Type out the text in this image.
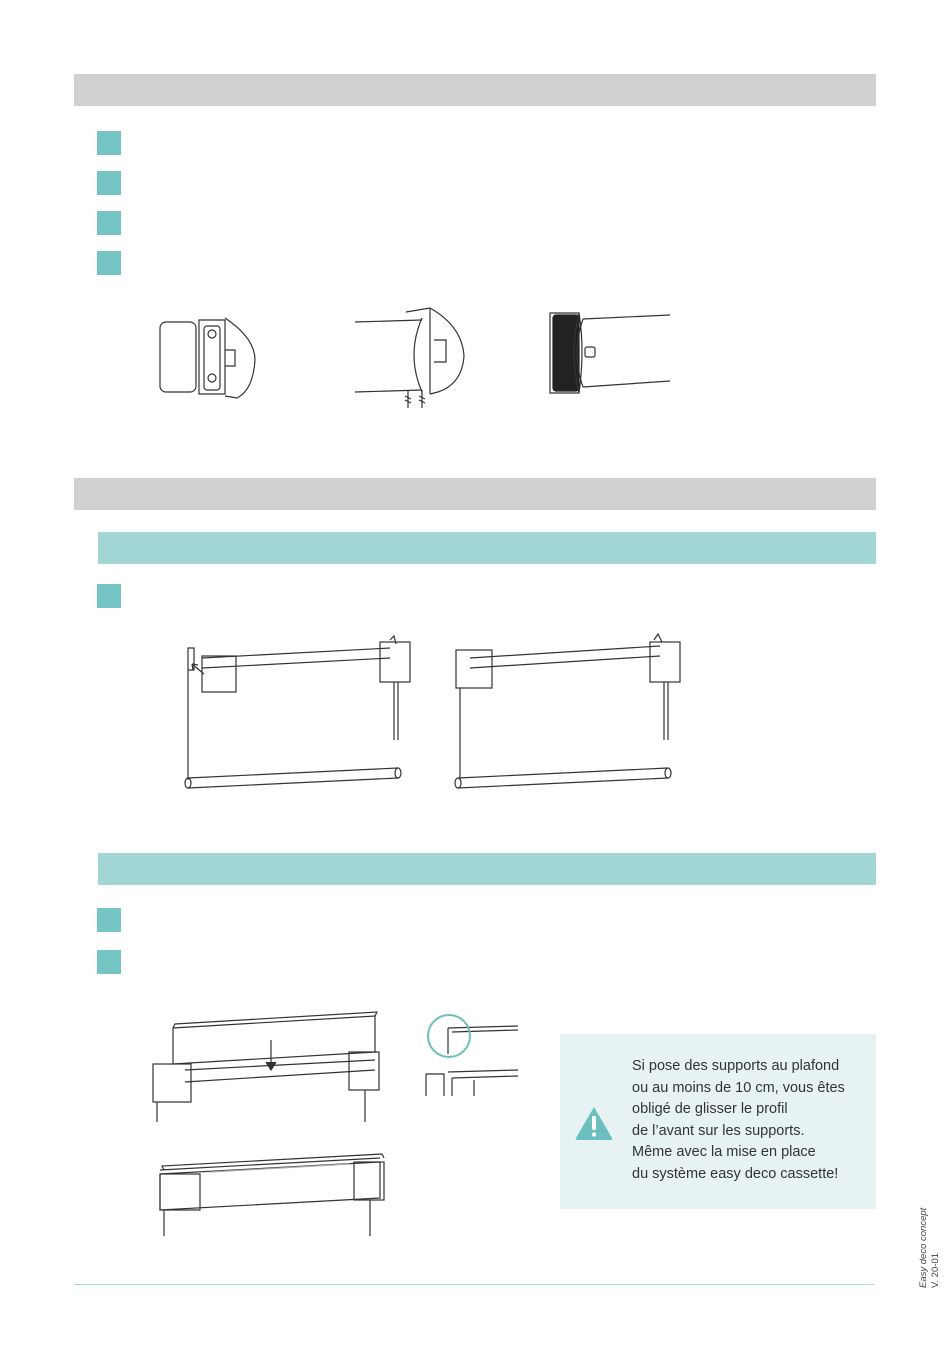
Si pose des supports au plafond
ou au moins de 10 cm, vous êtes
obligé de glisser le profil
de l’avant sur les supports.
Même avec la mise en place
du système easy deco cassette!
Easy deco concept V. 20-01
